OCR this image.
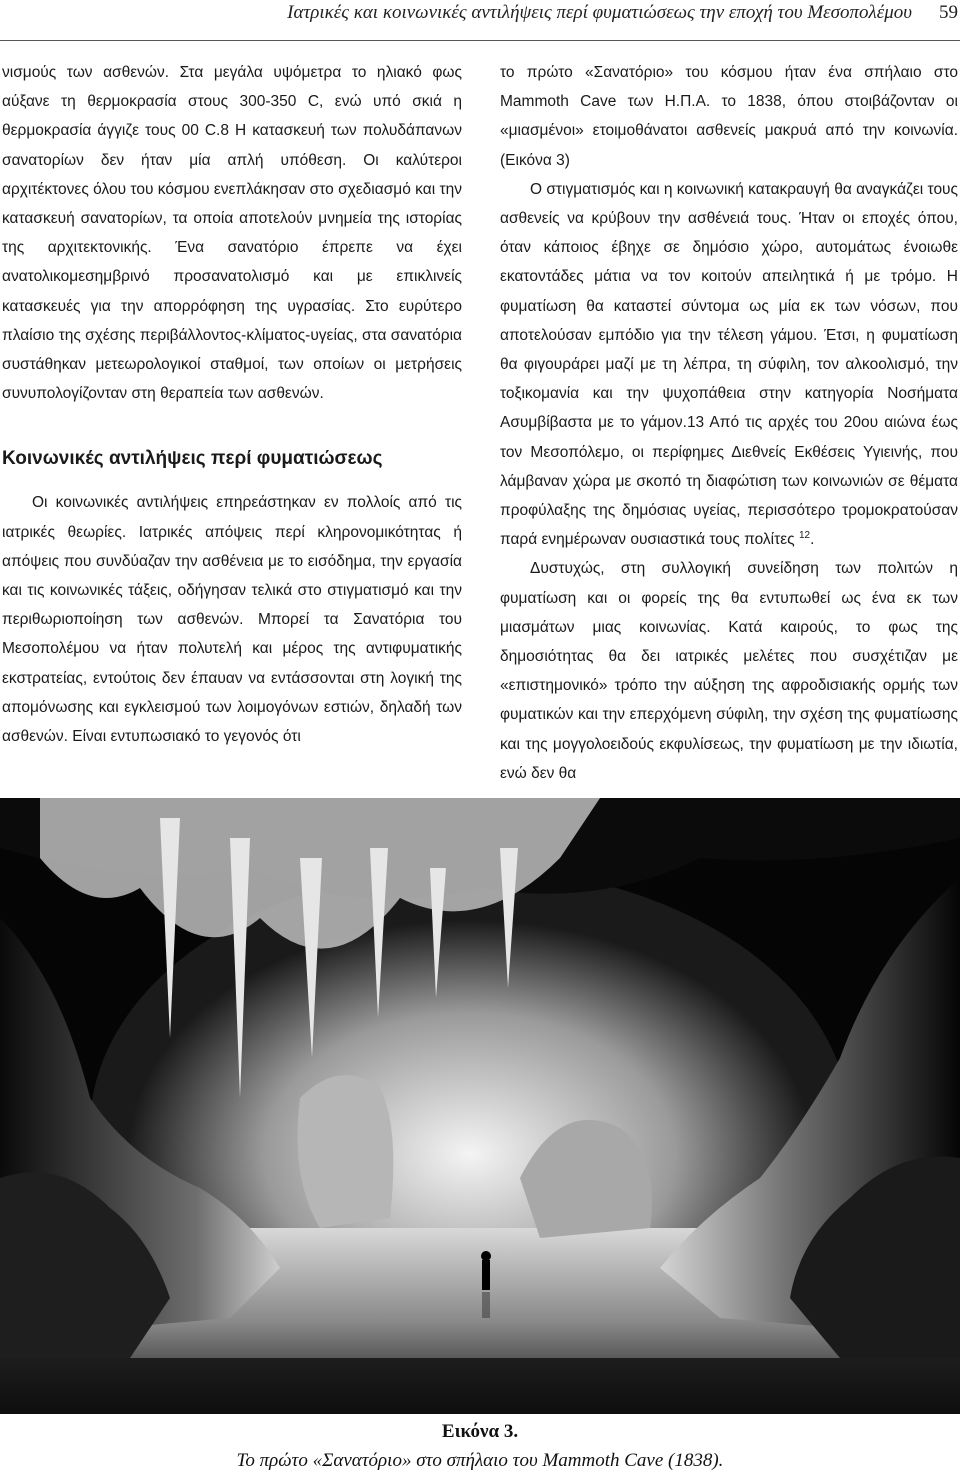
Ιατρικές και κοινωνικές αντιλήψεις περί φυματιώσεως την εποχή του Μεσοπολέμου 59

νισμούς των ασθενών. Στα μεγάλα υψόμετρα το ηλιακό φως αύξανε τη θερμοκρασία στους 300-350 C, ενώ υπό σκιά η θερμοκρασία άγγιζε τους 00 C.8 Η κατασκευή των πολυδάπανων σανατορίων δεν ήταν μία απλή υπόθεση. Οι καλύτεροι αρχιτέκτονες όλου του κόσμου ενεπλάκησαν στο σχεδιασμό και την κατασκευή σανατορίων, τα οποία αποτελούν μνημεία της ιστορίας της αρχιτεκτονικής. Ένα σανατόριο έπρεπε να έχει ανατολικομεσημβρινό προσανατολισμό και με επικλινείς κατασκευές για την απορρόφηση της υγρασίας. Στο ευρύτερο πλαίσιο της σχέσης περιβάλλοντος-κλίματος-υγείας, στα σανατόρια συστάθηκαν μετεωρολογικοί σταθμοί, των οποίων οι μετρήσεις συνυπολογίζονταν στη θεραπεία των ασθενών.

Κοινωνικές αντιλήψεις περί φυματιώσεως

Οι κοινωνικές αντιλήψεις επηρεάστηκαν εν πολλοίς από τις ιατρικές θεωρίες. Ιατρικές απόψεις περί κληρονομικότητας ή απόψεις που συνδύαζαν την ασθένεια με το εισόδημα, την εργασία και τις κοινωνικές τάξεις, οδήγησαν τελικά στο στιγματισμό και την περιθωριοποίηση των ασθενών. Μπορεί τα Σανατόρια του Μεσοπολέμου να ήταν πολυτελή και μέρος της αντιφυματικής εκστρατείας, εντούτοις δεν έπαυαν να εντάσσονται στη λογική της απομόνωσης και εγκλεισμού των λοιμογόνων εστιών, δηλαδή των ασθενών. Είναι εντυπωσιακό το γεγονός ότι

το πρώτο «Σανατόριο» του κόσμου ήταν ένα σπήλαιο στο Mammoth Cave των Η.Π.Α. το 1838, όπου στοιβάζονταν οι «μιασμένοι» ετοιμοθάνατοι ασθενείς μακρυά από την κοινωνία. (Εικόνα 3)

Ο στιγματισμός και η κοινωνική κατακραυγή θα αναγκάζει τους ασθενείς να κρύβουν την ασθένειά τους. Ήταν οι εποχές όπου, όταν κάποιος έβηχε σε δημόσιο χώρο, αυτομάτως ένοιωθε εκατοντάδες μάτια να τον κοιτούν απειλητικά ή με τρόμο. Η φυματίωση θα καταστεί σύντομα ως μία εκ των νόσων, που αποτελούσαν εμπόδιο για την τέλεση γάμου. Έτσι, η φυματίωση θα φιγουράρει μαζί με τη λέπρα, τη σύφιλη, τον αλκοολισμό, την τοξικομανία και την ψυχοπάθεια στην κατηγορία Νοσήματα Ασυμβίβαστα με το γάμον.13 Από τις αρχές του 20ου αιώνα έως τον Μεσοπόλεμο, οι περίφημες Διεθνείς Εκθέσεις Υγιεινής, που λάμβαναν χώρα με σκοπό τη διαφώτιση των κοινωνιών σε θέματα προφύλαξης της δημόσιας υγείας, περισσότερο τρομοκρατούσαν παρά ενημέρωναν ουσιαστικά τους πολίτες $^{12}$.

Δυστυχώς, στη συλλογική συνείδηση των πολιτών η φυματίωση και οι φορείς της θα εντυπωθεί ως ένα εκ των μιασμάτων μιας κοινωνίας. Κατά καιρούς, το φως της δημοσιότητας θα δει ιατρικές μελέτες που συσχέτιζαν με «επιστημονικό» τρόπο την αύξηση της αφροδισιακής ορμής των φυματικών και την επερχόμενη σύφιλη, την σχέση της φυματίωσης και της μογγολοειδούς εκφυλίσεως, την φυματίωση με την ιδιωτία, ενώ δεν θα

Εικόνα 3.
Το πρώτο «Σανατόριο» στο σπήλαιο του Mammoth Cave (1838).
